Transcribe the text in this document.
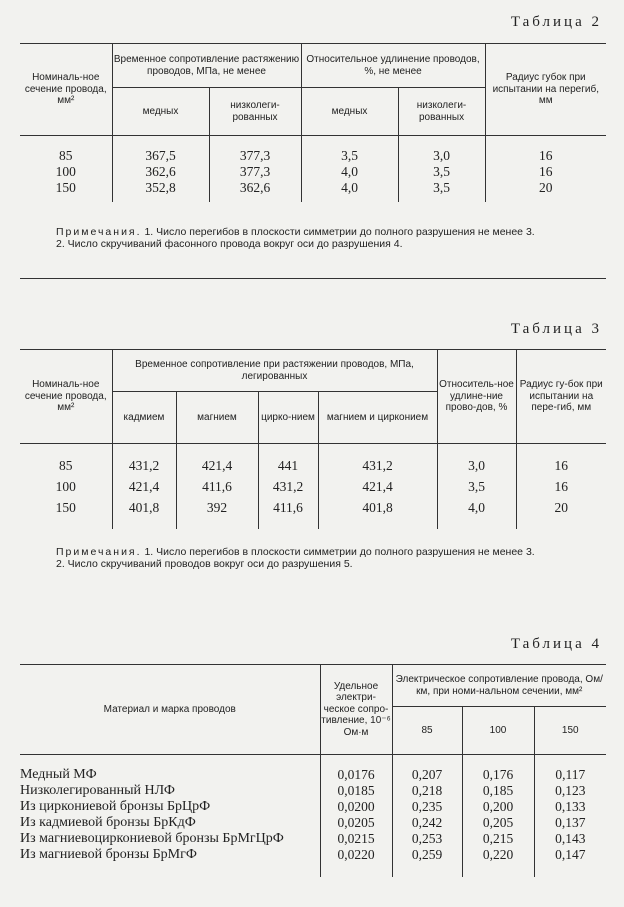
Таблица 2
Номиналь-ное сечение провода, мм²	Временное сопротивление растяжению проводов, МПа, не менее		Относительное удлинение проводов, %, не менее		Радиус губок при испытании на перегиб, мм
	медных	низколеги-рованных	медных	низколеги-рованных	

85	367,5	377,3	3,5	3,0	16
100	362,6	377,3	4,0	3,5	16
150	352,8	362,6	4,0	3,5	20

Примечания. 1. Число перегибов в плоскости симметрии до полного разрушения не менее 3.
2. Число скручиваний фасонного провода вокруг оси до разрушения 4.
Таблица 3
Номиналь-ное сечение провода, мм²	Временное сопротивление при растяжении проводов, МПа, легированных				Относитель-ное удлине-ние прово-дов, %	Радиус гу-бок при испытании на пере-гиб, мм
	кадмием	магнием	цирко-нием	магнием и цирконием		

85	431,2	421,4	441	431,2	3,0	16
100	421,4	411,6	431,2	421,4	3,5	16
150	401,8	392	411,6	401,8	4,0	20

Примечания. 1. Число перегибов в плоскости симметрии до полного разрушения не менее 3.
2. Число скручиваний проводов вокруг оси до разрушения 5.
Таблица 4
Материал и марка проводов	Удельное электри-ческое сопро-тивление, 10⁻⁶ Ом·м	Электрическое сопротивление провода, Ом/км, при номи-нальном сечении, мм²		
		85	100	150

Медный МФ	0,0176	0,207	0,176	0,117
Низколегированный НЛФ	0,0185	0,218	0,185	0,123
Из циркониевой бронзы БрЦрФ	0,0200	0,235	0,200	0,133
Из кадмиевой бронзы БрКдФ	0,0205	0,242	0,205	0,137
Из магниевоциркониевой бронзы БрМгЦрФ	0,0215	0,253	0,215	0,143
Из магниевой бронзы БрМгФ	0,0220	0,259	0,220	0,147
